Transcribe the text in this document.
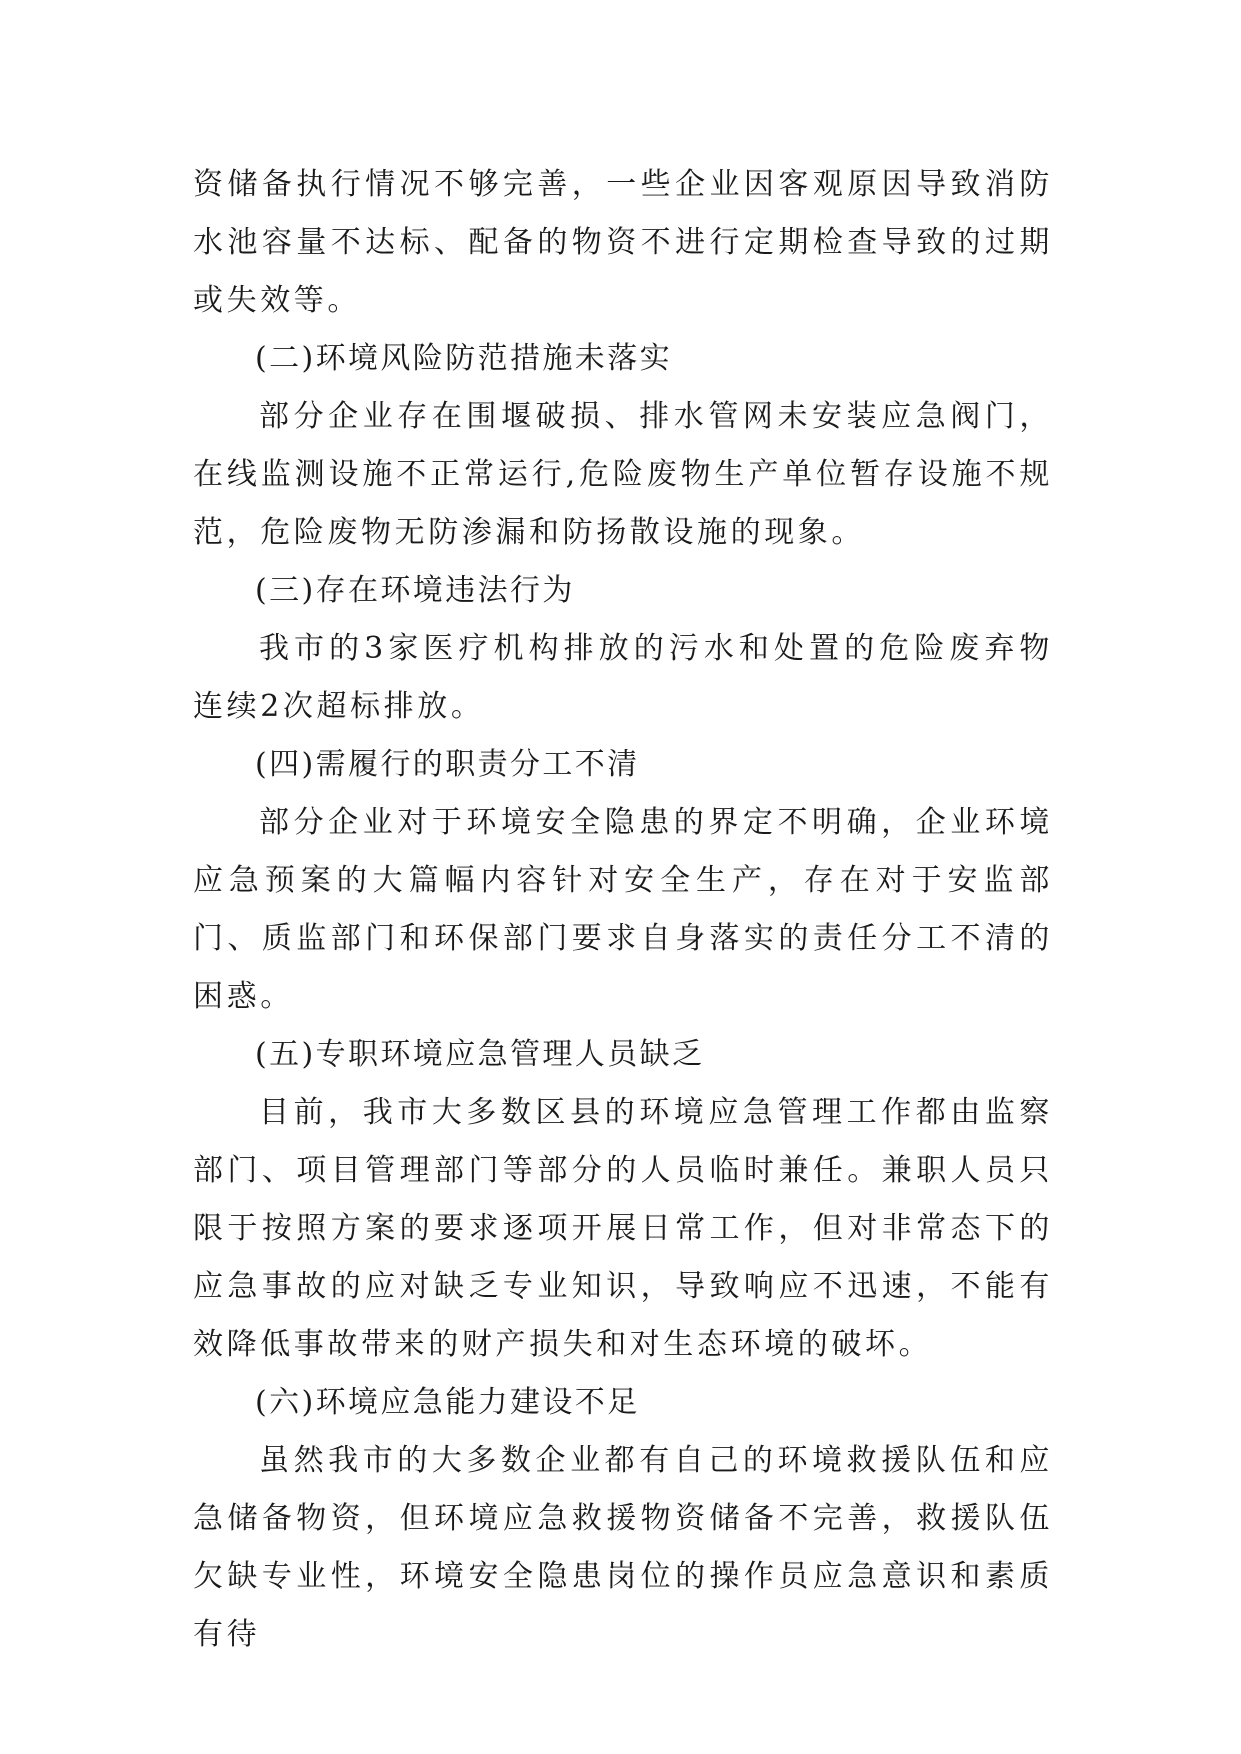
资储备执行情况不够完善，一些企业因客观原因导致消防水池容量不达标、配备的物资不进行定期检查导致的过期或失效等。

(二)环境风险防范措施未落实

部分企业存在围堰破损、排水管网未安装应急阀门，在线监测设施不正常运行,危险废物生产单位暂存设施不规范，危险废物无防渗漏和防扬散设施的现象。

(三)存在环境违法行为

我市的3家医疗机构排放的污水和处置的危险废弃物连续2次超标排放。

(四)需履行的职责分工不清

部分企业对于环境安全隐患的界定不明确，企业环境应急预案的大篇幅内容针对安全生产，存在对于安监部门、质监部门和环保部门要求自身落实的责任分工不清的困惑。

(五)专职环境应急管理人员缺乏

目前，我市大多数区县的环境应急管理工作都由监察部门、项目管理部门等部分的人员临时兼任。兼职人员只限于按照方案的要求逐项开展日常工作，但对非常态下的应急事故的应对缺乏专业知识，导致响应不迅速，不能有效降低事故带来的财产损失和对生态环境的破坏。

(六)环境应急能力建设不足

虽然我市的大多数企业都有自己的环境救援队伍和应急储备物资，但环境应急救援物资储备不完善，救援队伍欠缺专业性，环境安全隐患岗位的操作员应急意识和素质有待
